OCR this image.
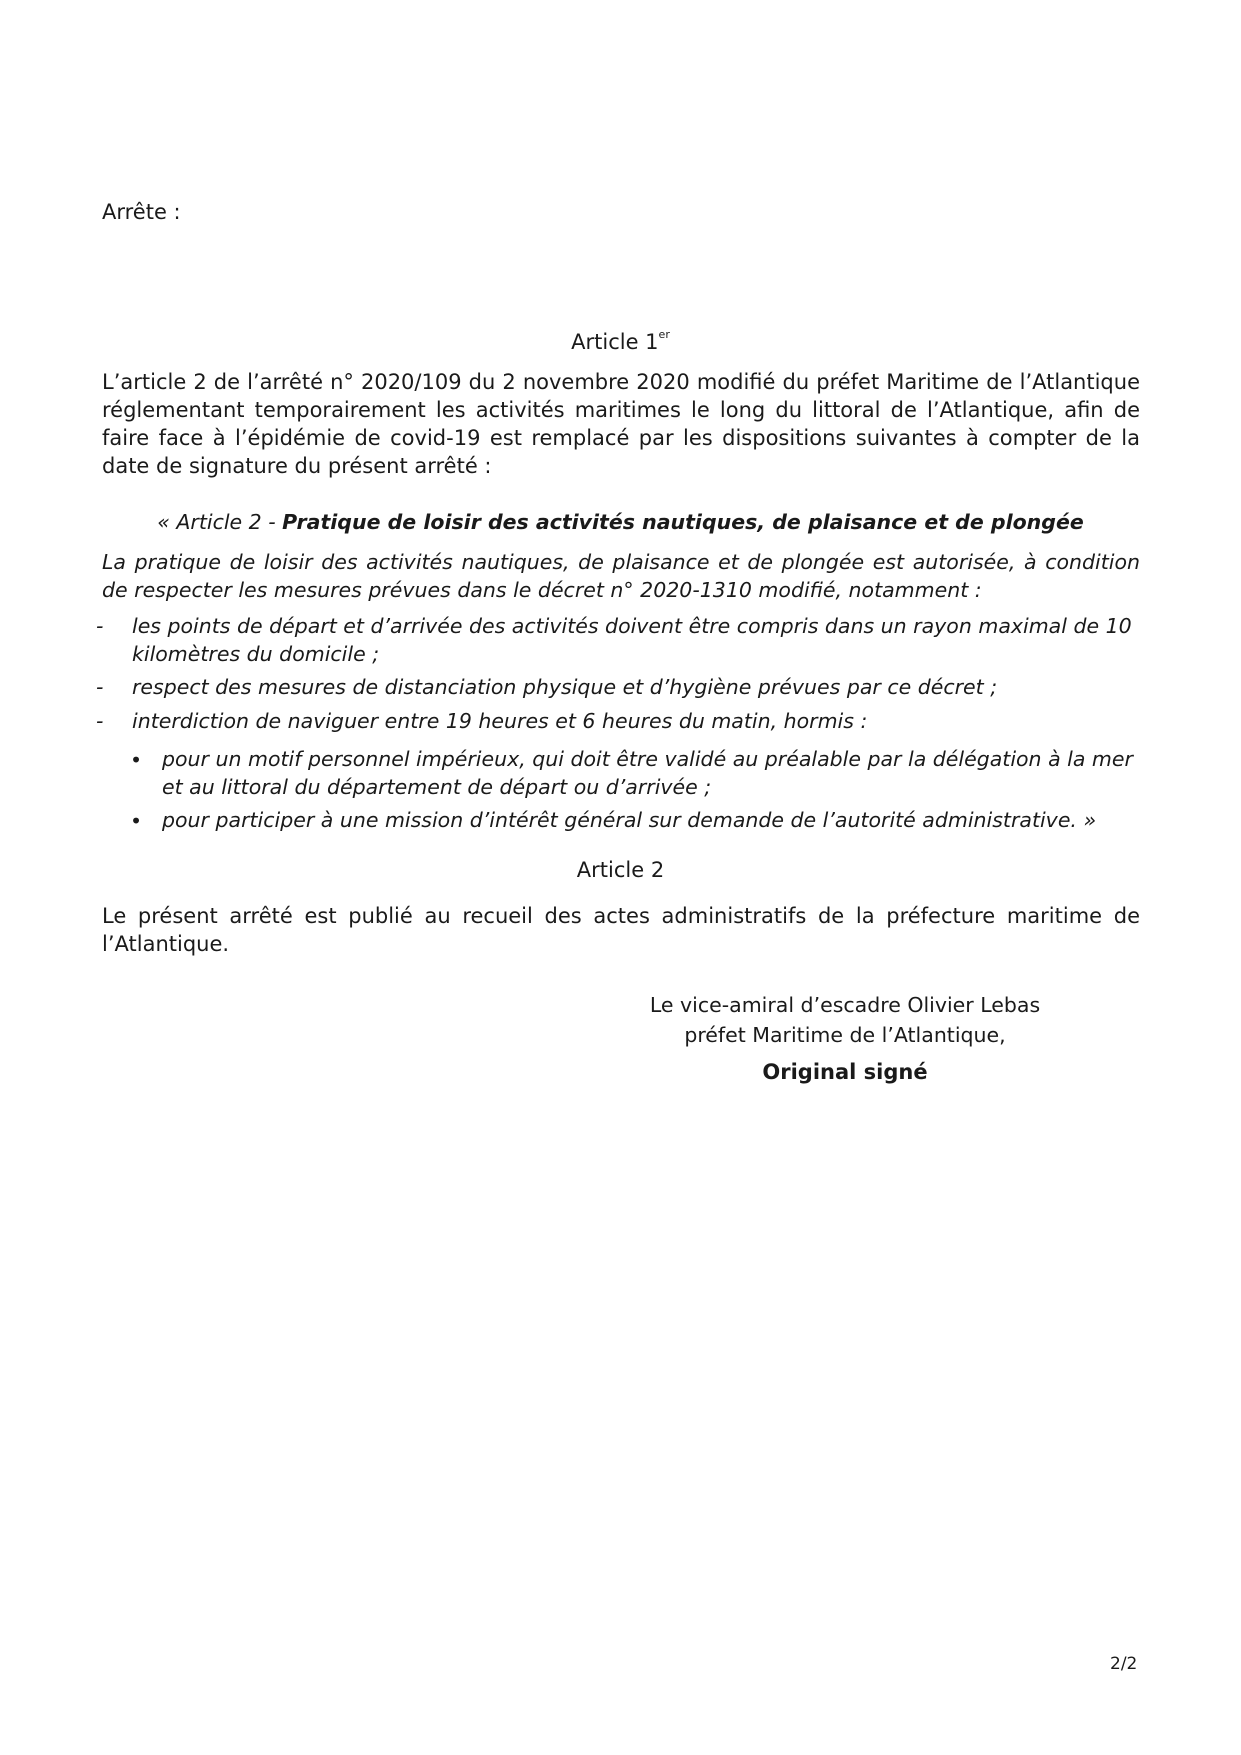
Arrête :
Article 1er
L’article 2 de l’arrêté n° 2020/109 du 2 novembre 2020 modifié du préfet Maritime de l’Atlantique réglementant temporairement les activités maritimes le long du littoral de l’Atlantique, afin de faire face à l’épidémie de covid-19 est remplacé par les dispositions suivantes à compter de la date de signature du présent arrêté :
« Article 2 - Pratique de loisir des activités nautiques, de plaisance et de plongée
La pratique de loisir des activités nautiques, de plaisance et de plongée est autorisée, à condition de respecter les mesures prévues dans le décret n° 2020-1310 modifié, notamment :
- les points de départ et d’arrivée des activités doivent être compris dans un rayon maximal de 10 kilomètres du domicile ;
- respect des mesures de distanciation physique et d’hygiène prévues par ce décret ;
- interdiction de naviguer entre 19 heures et 6 heures du matin, hormis :
• pour un motif personnel impérieux, qui doit être validé au préalable par la délégation à la mer et au littoral du département de départ ou d’arrivée ;
• pour participer à une mission d’intérêt général sur demande de l’autorité administrative. »
Article 2
Le présent arrêté est publié au recueil des actes administratifs de la préfecture maritime de l’Atlantique.
Le vice-amiral d’escadre Olivier Lebas
préfet Maritime de l’Atlantique,
Original signé
2/2
